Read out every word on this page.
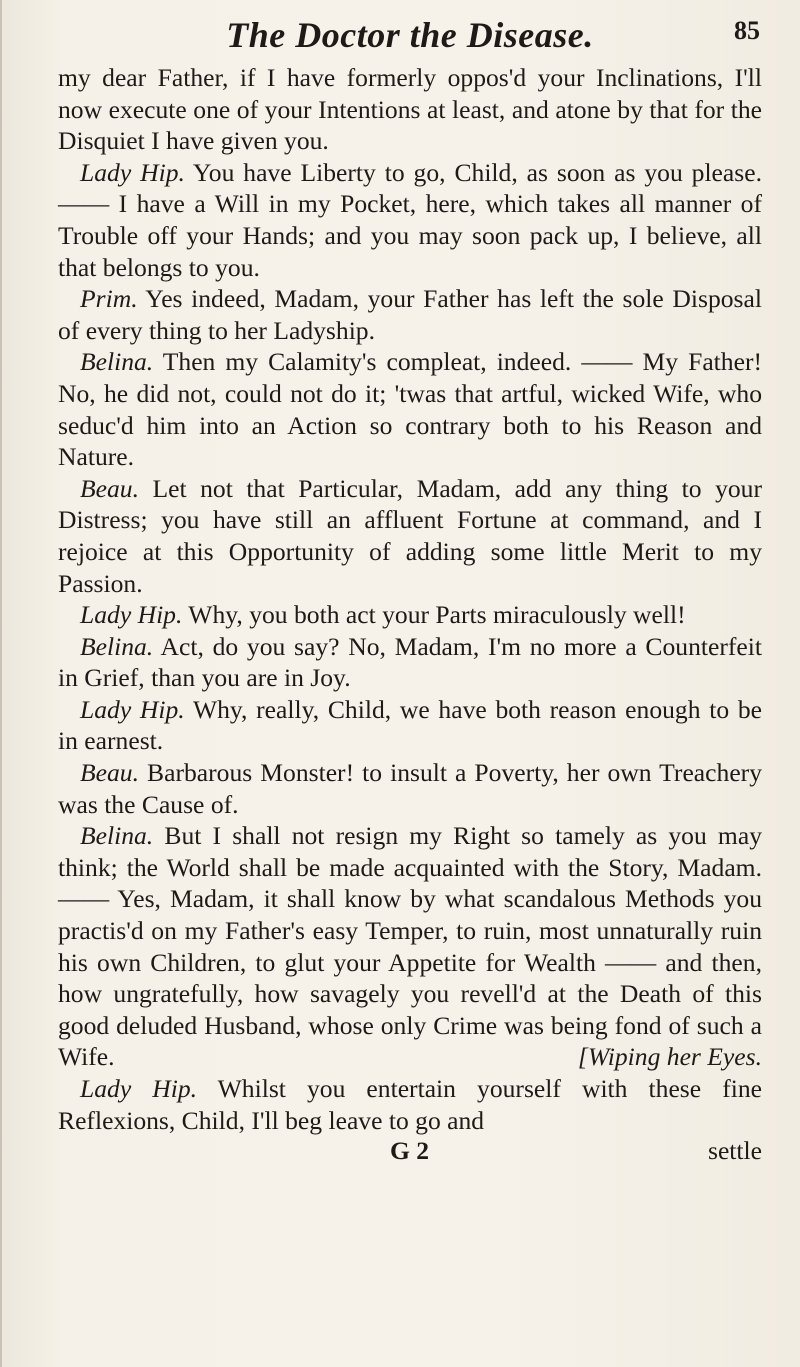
The Doctor the Disease.	85

my dear Father, if I have formerly oppos'd your Inclinations, I'll now execute one of your Intentions at least, and atone by that for the Disquiet I have given you.

Lady Hip. You have Liberty to go, Child, as soon as you please. —— I have a Will in my Pocket, here, which takes all manner of Trouble off your Hands; and you may soon pack up, I believe, all that belongs to you.

Prim. Yes indeed, Madam, your Father has left the sole Disposal of every thing to her Ladyship.

Belina. Then my Calamity's compleat, indeed. —— My Father! No, he did not, could not do it; 'twas that artful, wicked Wife, who seduc'd him into an Action so contrary both to his Reason and Nature.

Beau. Let not that Particular, Madam, add any thing to your Distress; you have still an affluent Fortune at command, and I rejoice at this Opportunity of adding some little Merit to my Passion.

Lady Hip. Why, you both act your Parts miraculously well!

Belina. Act, do you say? No, Madam, I'm no more a Counterfeit in Grief, than you are in Joy.

Lady Hip. Why, really, Child, we have both reason enough to be in earnest.

Beau. Barbarous Monster! to insult a Poverty, her own Treachery was the Cause of.

Belina. But I shall not resign my Right so tamely as you may think; the World shall be made acquainted with the Story, Madam. —— Yes, Madam, it shall know by what scandalous Methods you practis'd on my Father's easy Temper, to ruin, most unnaturally ruin his own Children, to glut your Appetite for Wealth —— and then, how ungratefully, how savagely you revell'd at the Death of this good deluded Husband, whose only Crime was being fond of such a Wife.	[Wiping her Eyes.

Lady Hip. Whilst you entertain yourself with these fine Reflexions, Child, I'll beg leave to go and

G 2	settle
